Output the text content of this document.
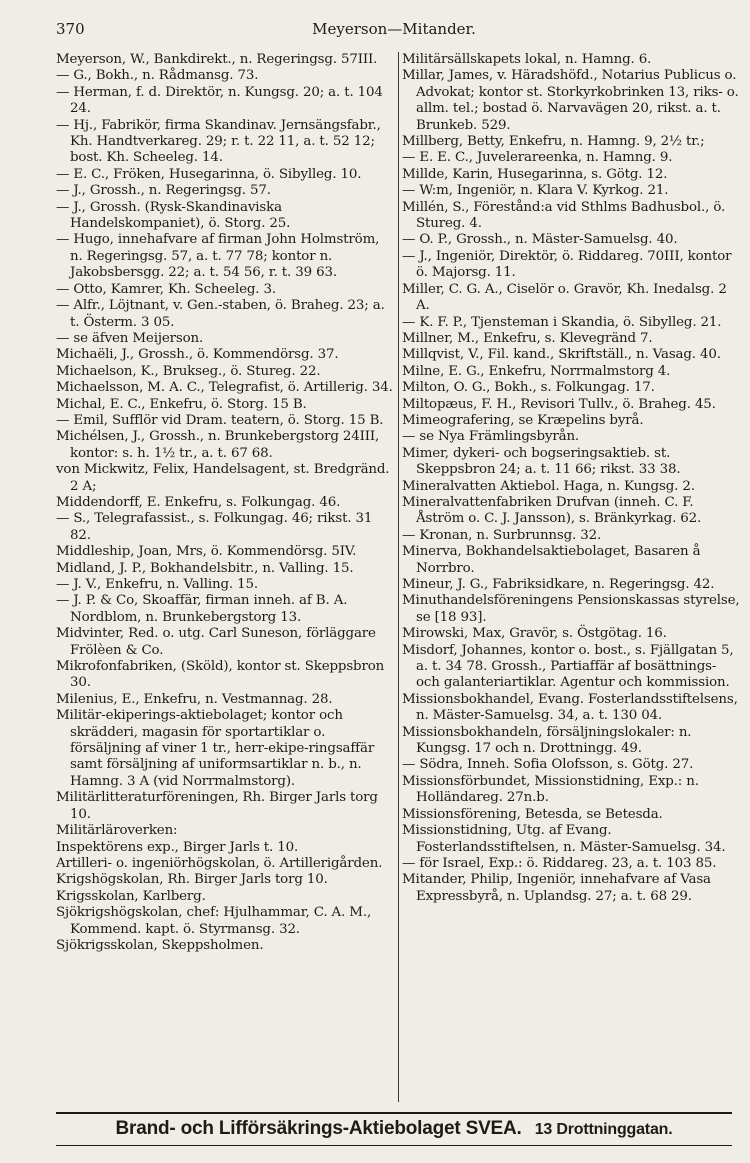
370	Meyerson—Mitander.

Meyerson, W., Bankdirekt., n. Regeringsg. 57III.

— G., Bokh., n. Rådmansg. 73.

— Herman, f. d. Direktör, n. Kungsg. 20; a. t. 104 24.

— Hj., Fabrikör, firma Skandinav. Jernsängsfabr., Kh. Handtverkareg. 29; r. t. 22 11, a. t. 52 12; bost. Kh. Scheeleg. 14.

— E. C., Fröken, Husegarinna, ö. Sibylleg. 10.

— J., Grossh., n. Regeringsg. 57.

— J., Grossh. (Rysk-Skandinaviska Handelskompaniet), ö. Storg. 25.

— Hugo, innehafvare af firman John Holmström, n. Regeringsg. 57, a. t. 77 78; kontor n. Jakobsbersgg. 22; a. t. 54 56, r. t. 39 63.

— Otto, Kamrer, Kh. Scheeleg. 3.

— Alfr., Löjtnant, v. Gen.-staben, ö. Braheg. 23; a. t. Österm. 3 05.

— se äfven Meijerson.

Michaëli, J., Grossh., ö. Kommendörsg. 37.

Michaelson, K., Brukseg., ö. Stureg. 22.

Michaelsson, M. A. C., Telegrafist, ö. Artillerig. 34.

Michal, E. C., Enkefru, ö. Storg. 15 B.

— Emil, Sufflör vid Dram. teatern, ö. Storg. 15 B.

Michélsen, J., Grossh., n. Brunkebergstorg 24III, kontor: s. h. 1½ tr., a. t. 67 68.

von Mickwitz, Felix, Handelsagent, st. Bredgränd. 2 A;

Middendorff, E. Enkefru, s. Folkungag. 46.

— S., Telegrafassist., s. Folkungag. 46; rikst. 31 82.

Middleship, Joan, Mrs, ö. Kommendörsg. 5IV.

Midland, J. P., Bokhandelsbitr., n. Valling. 15.

— J. V., Enkefru, n. Valling. 15.

— J. P. & Co, Skoaffär, firman inneh. af B. A. Nordblom, n. Brunkebergstorg 13.

Midvinter, Red. o. utg. Carl Suneson, förläggare Frölèen & Co.

Mikrofonfabriken, (Sköld), kontor st. Skeppsbron 30.

Milenius, E., Enkefru, n. Vestmannag. 28.

Militär-ekiperings-aktiebolaget; kontor och skrädderi, magasin för sportartiklar o. försäljning af viner 1 tr., herr-ekipe-ringsaffär samt försäljning af uniformsartiklar n. b., n. Hamng. 3 A (vid Norrmalmstorg).

Militärlitteraturföreningen, Rh. Birger Jarls torg 10.

Militärläroverken:

Inspektörens exp., Birger Jarls t. 10.

Artilleri- o. ingeniörhögskolan, ö. Artillerigården.

Krigshögskolan, Rh. Birger Jarls torg 10.

Krigsskolan, Karlberg.

Sjökrigshögskolan, chef: Hjulhammar, C. A. M., Kommend. kapt. ö. Styrmansg. 32.

Sjökrigsskolan, Skeppsholmen.

Militärsällskapets lokal, n. Hamng. 6.

Millar, James, v. Häradshöfd., Notarius Publicus o. Advokat; kontor st. Storkyrkobrinken 13, riks- o. allm. tel.; bostad ö. Narvavägen 20, rikst. a. t. Brunkeb. 529.

Millberg, Betty, Enkefru, n. Hamng. 9, 2½ tr.;

— E. E. C., Juvelerareenka, n. Hamng. 9.

Millde, Karin, Husegarinna, s. Götg. 12.

— W:m, Ingeniör, n. Klara V. Kyrkog. 21.

Millén, S., Förestånd:a vid Sthlms Badhusbol., ö. Stureg. 4.

— O. P., Grossh., n. Mäster-Samuelsg. 40.

— J., Ingeniör, Direktör, ö. Riddareg. 70III, kontor ö. Majorsg. 11.

Miller, C. G. A., Ciselör o. Gravör, Kh. Inedalsg. 2 A.

— K. F. P., Tjensteman i Skandia, ö. Sibylleg. 21.

Millner, M., Enkefru, s. Klevegränd 7.

Millqvist, V., Fil. kand., Skriftställ., n. Vasag. 40.

Milne, E. G., Enkefru, Norrmalmstorg 4.

Milton, O. G., Bokh., s. Folkungag. 17.

Miltopæus, F. H., Revisori Tullv., ö. Braheg. 45.

Mimeografering, se Kræpelins byrå.

— se Nya Främlingsbyrån.

Mimer, dykeri- och bogseringsaktieb. st. Skeppsbron 24; a. t. 11 66; rikst. 33 38.

Mineralvatten Aktiebol. Haga, n. Kungsg. 2.

Mineralvattenfabriken Drufvan (inneh. C. F. Åström o. C. J. Jansson), s. Bränkyrkag. 62.

— Kronan, n. Surbrunnsg. 32.

Minerva, Bokhandelsaktiebolaget, Basaren å Norrbro.

Mineur, J. G., Fabriksidkare, n. Regeringsg. 42.

Minuthandelsföreningens Pensionskassas styrelse, se [18 93].

Mirowski, Max, Gravör, s. Östgötag. 16.

Misdorf, Johannes, kontor o. bost., s. Fjällgatan 5, a. t. 34 78. Grossh., Partiaffär af bosättnings- och galanteriartiklar. Agentur och kommission.

Missionsbokhandel, Evang. Fosterlandsstiftelsens, n. Mäster-Samuelsg. 34, a. t. 130 04.

Missionsbokhandeln, försäljningslokaler: n. Kungsg. 17 och n. Drottningg. 49.

— Södra, Inneh. Sofia Olofsson, s. Götg. 27.

Missionsförbundet, Missionstidning, Exp.: n. Holländareg. 27n.b.

Missionsförening, Betesda, se Betesda.

Missionstidning, Utg. af Evang. Fosterlandsstiftelsen, n. Mäster-Samuelsg. 34.

— för Israel, Exp.: ö. Riddareg. 23, a. t. 103 85.

Mitander, Philip, Ingeniör, innehafvare af Vasa Expressbyrå, n. Uplandsg. 27; a. t. 68 29.

Brand- och Lifförsäkrings-Aktiebolaget SVEA. 13 Drottninggatan.
